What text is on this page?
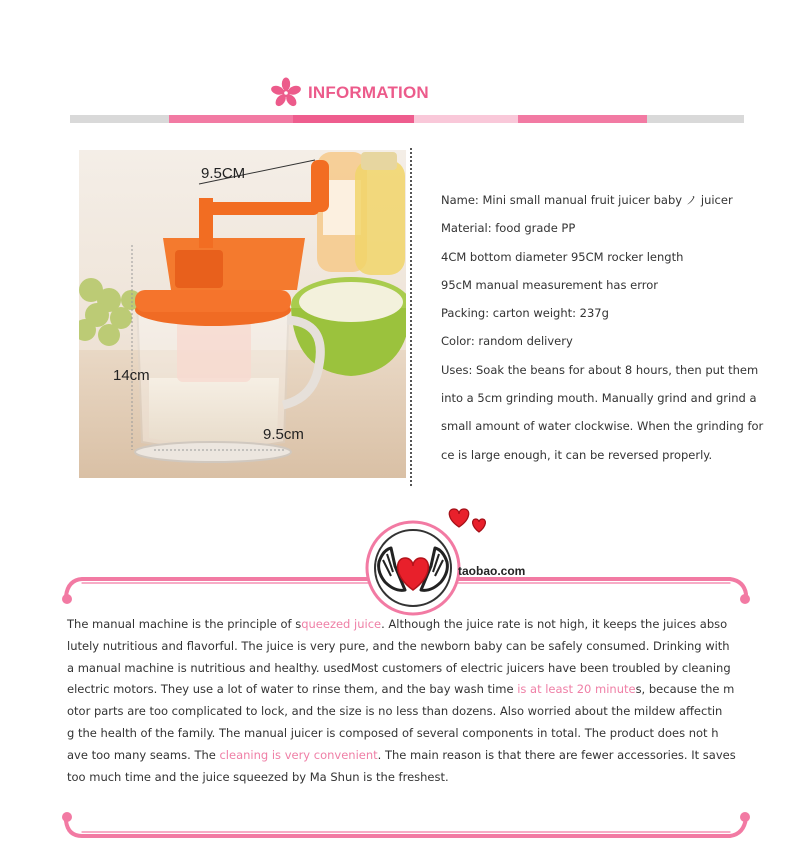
INFORMATION
9.5CM
14cm
9.5cm

Name: Mini small manual fruit juicer baby ノ juicer

Material: food grade PP

4CM bottom diameter 95CM rocker length

95cM manual measurement has error

Packing: carton weight: 237g

Color: random delivery

Uses: Soak the beans for about 8 hours, then put them

into a 5cm grinding mouth. Manually grind and grind a

small amount of water clockwise. When the grinding for

ce is large enough, it can be reversed properly.

taobao.com

The manual machine is the principle of squeezed juice. Although the juice rate is not high, it keeps the juices abso

lutely nutritious and flavorful. The juice is very pure, and the newborn baby can be safely consumed. Drinking with

a manual machine is nutritious and healthy. usedMost customers of electric juicers have been troubled by cleaning

electric motors. They use a lot of water to rinse them, and the bay wash time is at least 20 minutes, because the m

otor parts are too complicated to lock, and the size is no less than dozens. Also worried about the mildew affectin

g the health of the family. The manual juicer is composed of several components in total. The product does not h

ave too many seams. The cleaning is very convenient. The main reason is that there are fewer accessories. It saves

too much time and the juice squeezed by Ma Shun is the freshest.
